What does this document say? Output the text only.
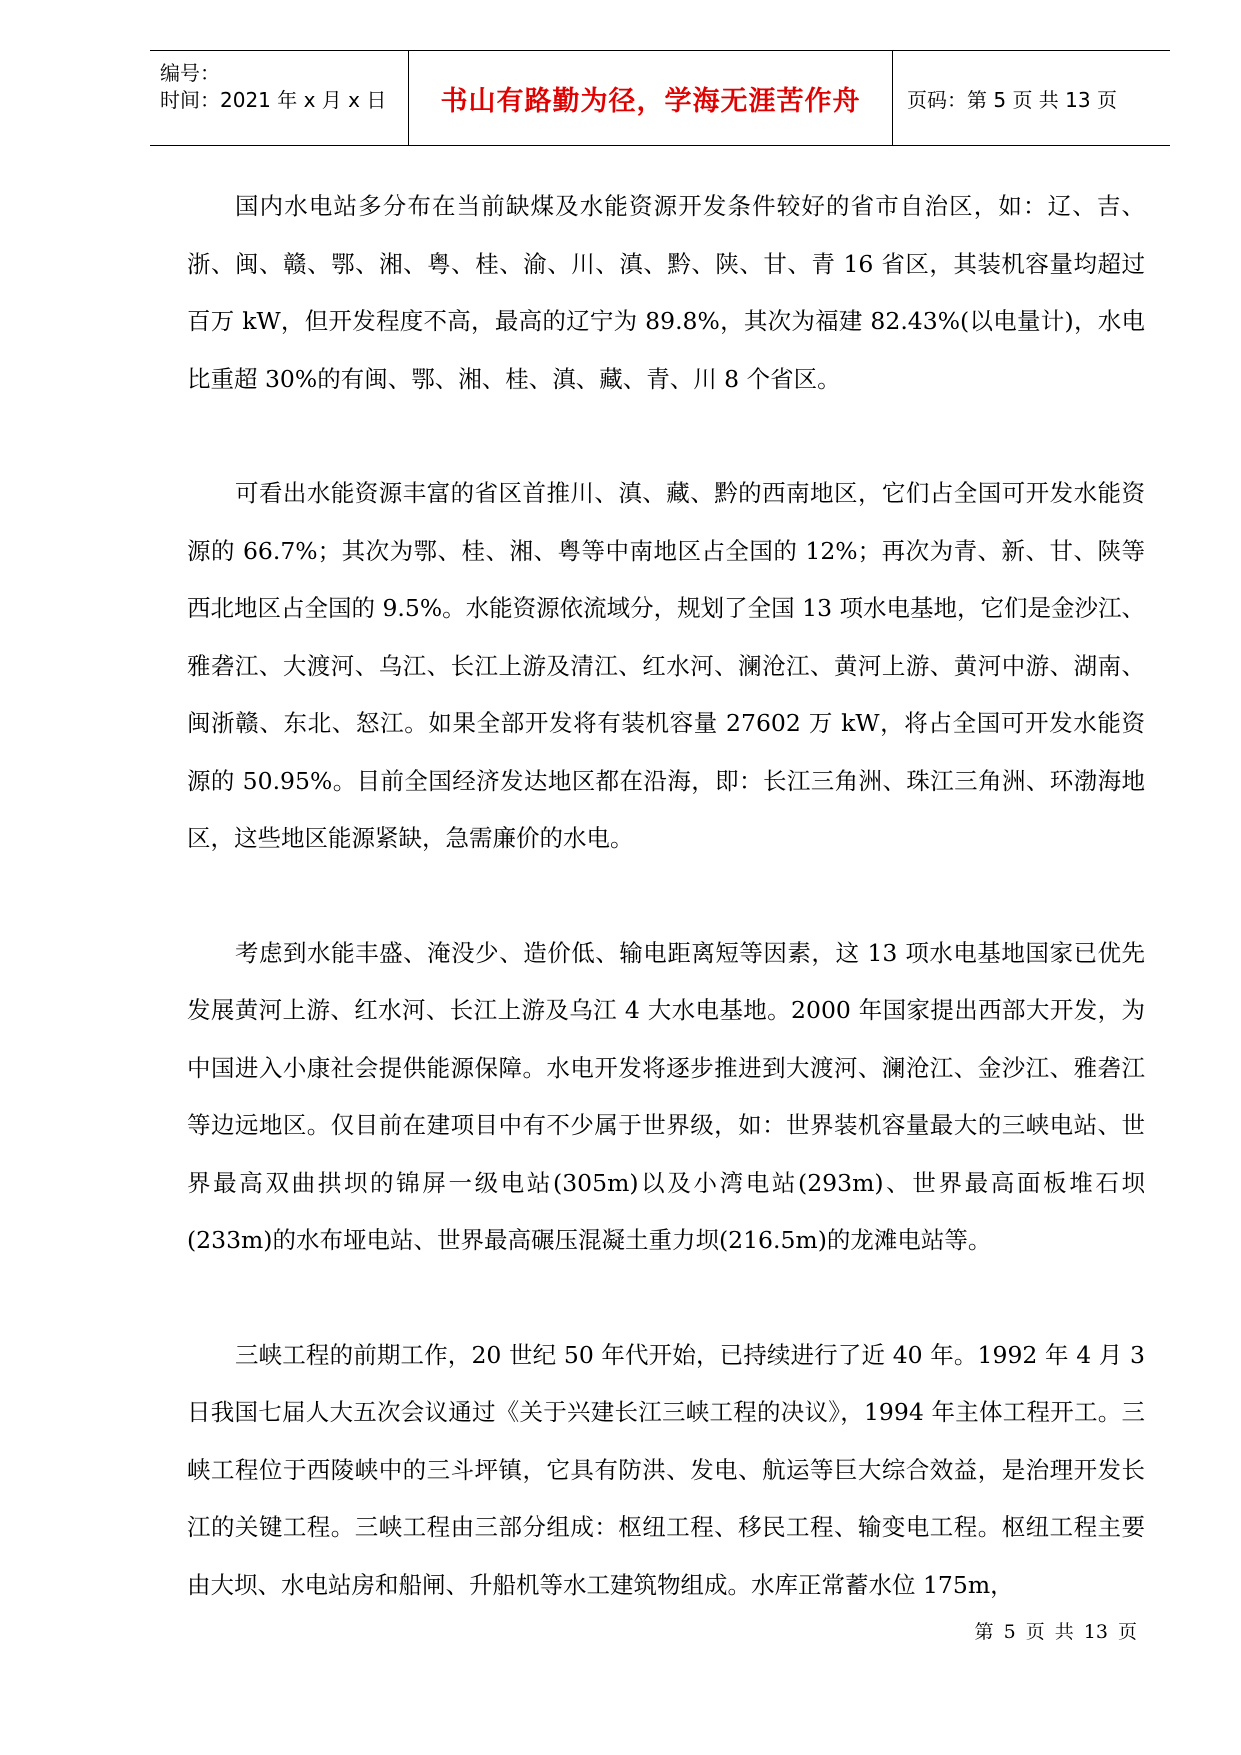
编号：
时间：2021 年 x 月 x 日 书山有路勤为径，学海无涯苦作舟 页码：第 5 页 共 13 页

国内水电站多分布在当前缺煤及水能资源开发条件较好的省市自治区，如：辽、吉、浙、闽、赣、鄂、湘、粤、桂、渝、川、滇、黔、陕、甘、青 16 省区，其装机容量均超过百万 kW，但开发程度不高，最高的辽宁为 89.8%，其次为福建 82.43%(以电量计)，水电比重超 30%的有闽、鄂、湘、桂、滇、藏、青、川 8 个省区。

可看出水能资源丰富的省区首推川、滇、藏、黔的西南地区，它们占全国可开发水能资源的 66.7%；其次为鄂、桂、湘、粤等中南地区占全国的 12%；再次为青、新、甘、陕等西北地区占全国的 9.5%。水能资源依流域分，规划了全国 13 项水电基地，它们是金沙江、雅砻江、大渡河、乌江、长江上游及清江、红水河、澜沧江、黄河上游、黄河中游、湖南、闽浙赣、东北、怒江。如果全部开发将有装机容量 27602 万 kW，将占全国可开发水能资源的 50.95%。目前全国经济发达地区都在沿海，即：长江三角洲、珠江三角洲、环渤海地区，这些地区能源紧缺，急需廉价的水电。

考虑到水能丰盛、淹没少、造价低、输电距离短等因素，这 13 项水电基地国家已优先发展黄河上游、红水河、长江上游及乌江 4 大水电基地。2000 年国家提出西部大开发，为中国进入小康社会提供能源保障。水电开发将逐步推进到大渡河、澜沧江、金沙江、雅砻江等边远地区。仅目前在建项目中有不少属于世界级，如：世界装机容量最大的三峡电站、世界最高双曲拱坝的锦屏一级电站(305m)以及小湾电站(293m)、世界最高面板堆石坝(233m)的水布垭电站、世界最高碾压混凝土重力坝(216.5m)的龙滩电站等。

三峡工程的前期工作，20 世纪 50 年代开始，已持续进行了近 40 年。1992 年 4 月 3 日我国七届人大五次会议通过《关于兴建长江三峡工程的决议》，1994 年主体工程开工。三峡工程位于西陵峡中的三斗坪镇，它具有防洪、发电、航运等巨大综合效益，是治理开发长江的关键工程。三峡工程由三部分组成：枢纽工程、移民工程、输变电工程。枢纽工程主要由大坝、水电站房和船闸、升船机等水工建筑物组成。水库正常蓄水位 175m，

第 5 页 共 13 页
